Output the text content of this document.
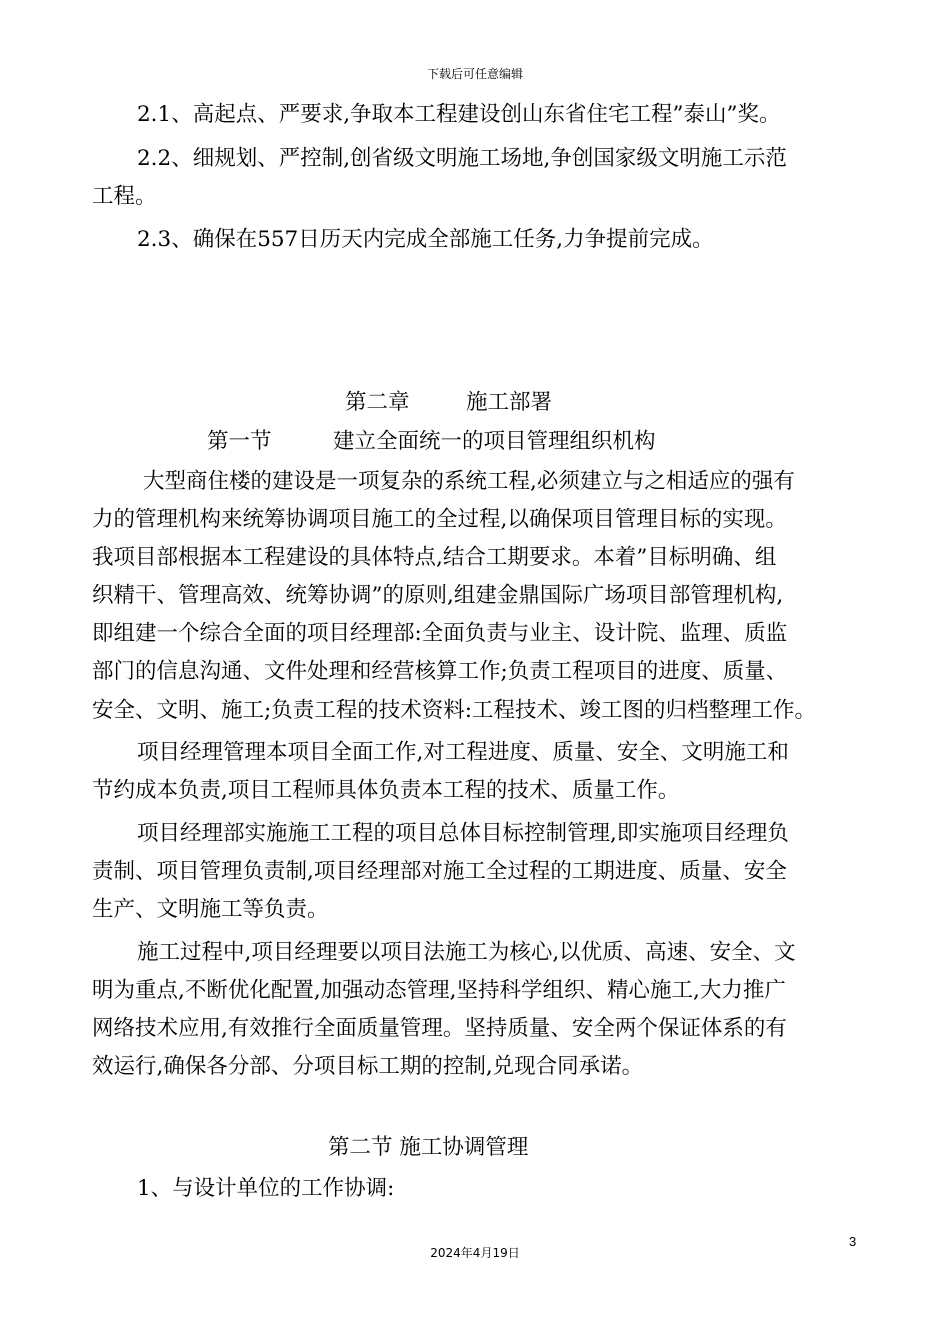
下载后可任意编辑
2.1、高起点、严要求,争取本工程建设创山东省住宅工程”泰山”奖。
2.2、细规划、严控制,创省级文明施工场地,争创国家级文明施工示范
工程。
2.3、确保在557日历天内完成全部施工任务,力争提前完成。
第二章	施工部署
第一节	建立全面统一的项目管理组织机构
大型商住楼的建设是一项复杂的系统工程,必须建立与之相适应的强有
力的管理机构来统筹协调项目施工的全过程,以确保项目管理目标的实现。
我项目部根据本工程建设的具体特点,结合工期要求。本着”目标明确、组
织精干、管理高效、统筹协调”的原则,组建金鼎国际广场项目部管理机构,
即组建一个综合全面的项目经理部:全面负责与业主、设计院、监理、质监
部门的信息沟通、文件处理和经营核算工作;负责工程项目的进度、质量、
安全、文明、施工;负责工程的技术资料:工程技术、竣工图的归档整理工作。
项目经理管理本项目全面工作,对工程进度、质量、安全、文明施工和
节约成本负责,项目工程师具体负责本工程的技术、质量工作。
项目经理部实施施工工程的项目总体目标控制管理,即实施项目经理负
责制、项目管理负责制,项目经理部对施工全过程的工期进度、质量、安全
生产、文明施工等负责。
施工过程中,项目经理要以项目法施工为核心,以优质、高速、安全、文
明为重点,不断优化配置,加强动态管理,坚持科学组织、精心施工,大力推广
网络技术应用,有效推行全面质量管理。坚持质量、安全两个保证体系的有
效运行,确保各分部、分项目标工期的控制,兑现合同承诺。
第二节 施工协调管理
1、与设计单位的工作协调:
3
2024年4月19日
